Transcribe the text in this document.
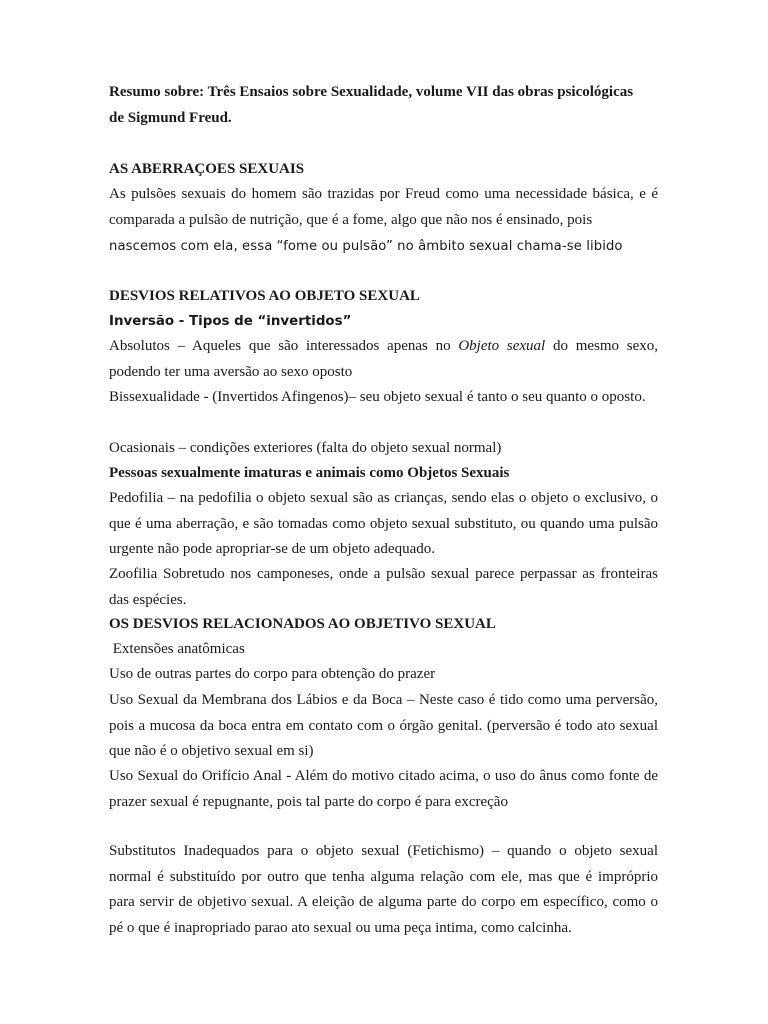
Resumo sobre: Três Ensaios sobre Sexualidade, volume VII das obras psicológicas
de Sigmund Freud.
AS ABERRAÇOES SEXUAIS
As pulsões sexuais do homem são trazidas por Freud como uma necessidade básica, e é comparada a pulsão de nutrição, que é a fome, algo que não nos é ensinado, pois
nascemos com ela, essa “fome ou pulsão” no âmbito sexual chama-se libido
DESVIOS RELATIVOS AO OBJETO SEXUAL
Inversão - Tipos de “invertidos”
Absolutos – Aqueles que são interessados apenas no Objeto sexual do mesmo sexo, podendo ter uma aversão ao sexo oposto
Bissexualidade - (Invertidos Afingenos)– seu objeto sexual é tanto o seu quanto o oposto.
Ocasionais – condições exteriores (falta do objeto sexual normal)
Pessoas sexualmente imaturas e animais como Objetos Sexuais
Pedofilia – na pedofilia o objeto sexual são as crianças, sendo elas o objeto o exclusivo, o que é uma aberração, e são tomadas como objeto sexual substituto, ou quando uma pulsão urgente não pode apropriar-se de um objeto adequado.
Zoofilia Sobretudo nos camponeses, onde a pulsão sexual parece perpassar as fronteiras das espécies.
OS DESVIOS RELACIONADOS AO OBJETIVO SEXUAL
Extensões anatômicas
Uso de outras partes do corpo para obtenção do prazer
Uso Sexual da Membrana dos Lábios e da Boca – Neste caso é tido como uma perversão, pois a mucosa da boca entra em contato com o órgão genital. (perversão é todo ato sexual que não é o objetivo sexual em si)
Uso Sexual do Orifício Anal - Além do motivo citado acima, o uso do ânus como fonte de prazer sexual é repugnante, pois tal parte do corpo é para excreção
Substitutos Inadequados para o objeto sexual (Fetichismo) – quando o objeto sexual normal é substituído por outro que tenha alguma relação com ele, mas que é impróprio para servir de objetivo sexual. A eleição de alguma parte do corpo em específico, como o pé o que é inapropriado parao ato sexual ou uma peça intima, como calcinha.
